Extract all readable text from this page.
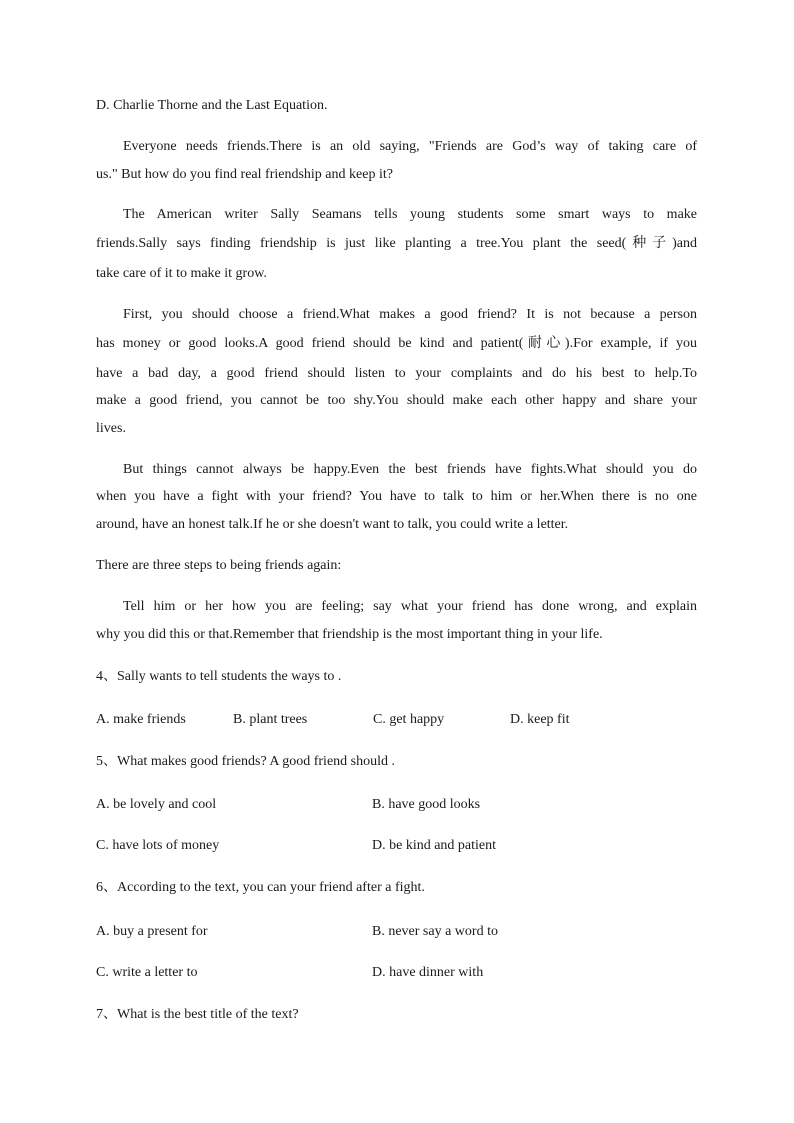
D. Charlie Thorne and the Last Equation.
Everyone needs friends.There is an old saying, "Friends are God’s way of taking care of
us." But how do you find real friendship and keep it?
The American writer Sally Seamans tells young students some smart ways to make
friends.Sally says finding friendship is just like planting a tree.You plant the seed(种子)and
take care of it to make it grow.
First, you should choose a friend.What makes a good friend? It is not because a person
has money or good looks.A good friend should be kind and patient(耐心).For example, if you
have a bad day, a good friend should listen to your complaints and do his best to help.To
make a good friend, you cannot be too shy.You should make each other happy and share your
lives.
But things cannot always be happy.Even the best friends have fights.What should you do
when you have a fight with your friend? You have to talk to him or her.When there is no one
around, have an honest talk.If he or she doesn't want to talk, you could write a letter.
There are three steps to being friends again:
Tell him or her how you are feeling; say what your friend has done wrong, and explain
why you did this or that.Remember that friendship is the most important thing in your life.
4、Sally wants to tell students the ways to .
A. make friends	B. plant trees	C. get happy	D. keep fit
5、What makes good friends? A good friend should .
A. be lovely and cool	B. have good looks
C. have lots of money	D. be kind and patient
6、According to the text, you can your friend after a fight.
A. buy a present for	B. never say a word to
C. write a letter to	D. have dinner with
7、What is the best title of the text?
